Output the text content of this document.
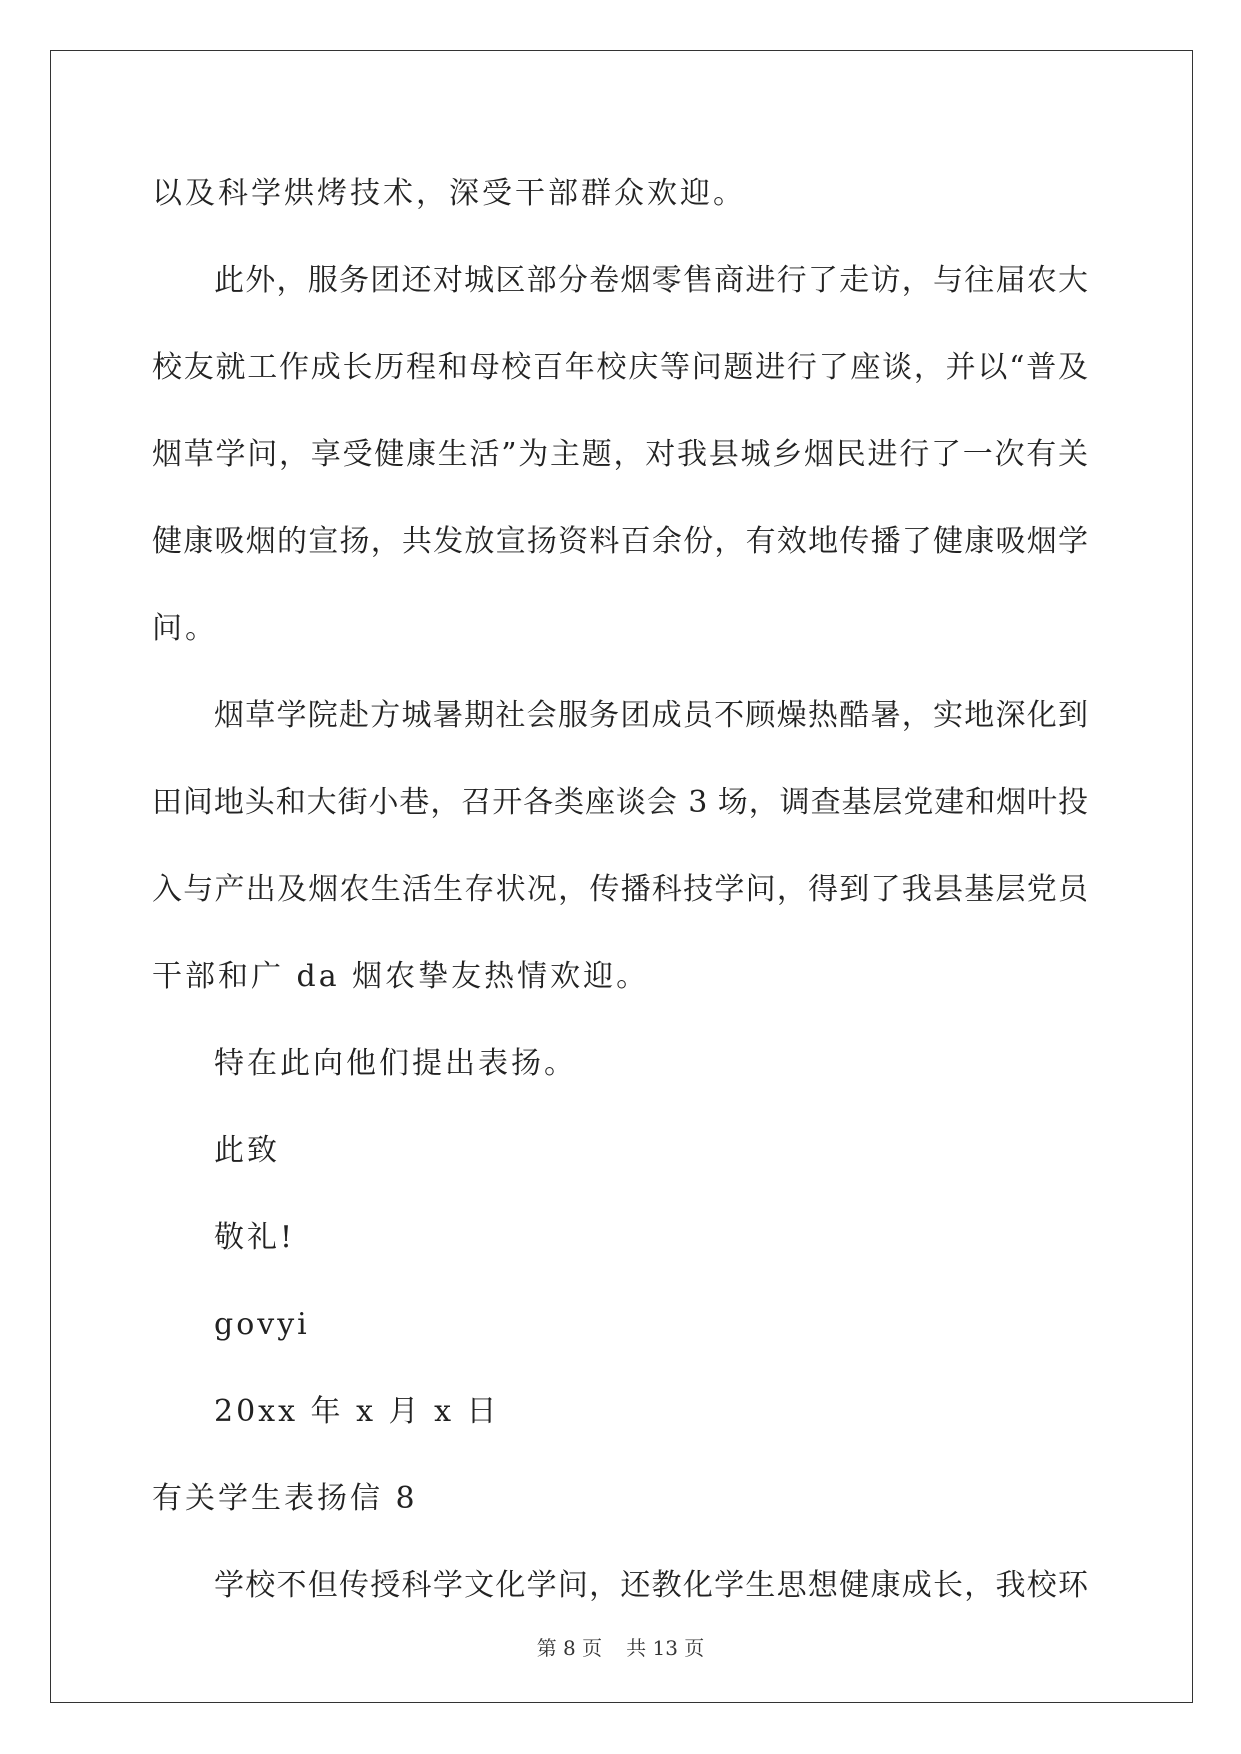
以及科学烘烤技术，深受干部群众欢迎。
此外，服务团还对城区部分卷烟零售商进行了走访，与往届农大
校友就工作成长历程和母校百年校庆等问题进行了座谈，并以“普及
烟草学问，享受健康生活”为主题，对我县城乡烟民进行了一次有关
健康吸烟的宣扬，共发放宣扬资料百余份，有效地传播了健康吸烟学
问。
烟草学院赴方城暑期社会服务团成员不顾燥热酷暑，实地深化到
田间地头和大街小巷，召开各类座谈会 3 场，调查基层党建和烟叶投
入与产出及烟农生活生存状况，传播科技学问，得到了我县基层党员
干部和广 da 烟农挚友热情欢迎。
特在此向他们提出表扬。
此致
敬礼!
govyi
20xx 年 x 月 x 日
有关学生表扬信 8
学校不但传授科学文化学问，还教化学生思想健康成长，我校环
第 8 页 共 13 页
